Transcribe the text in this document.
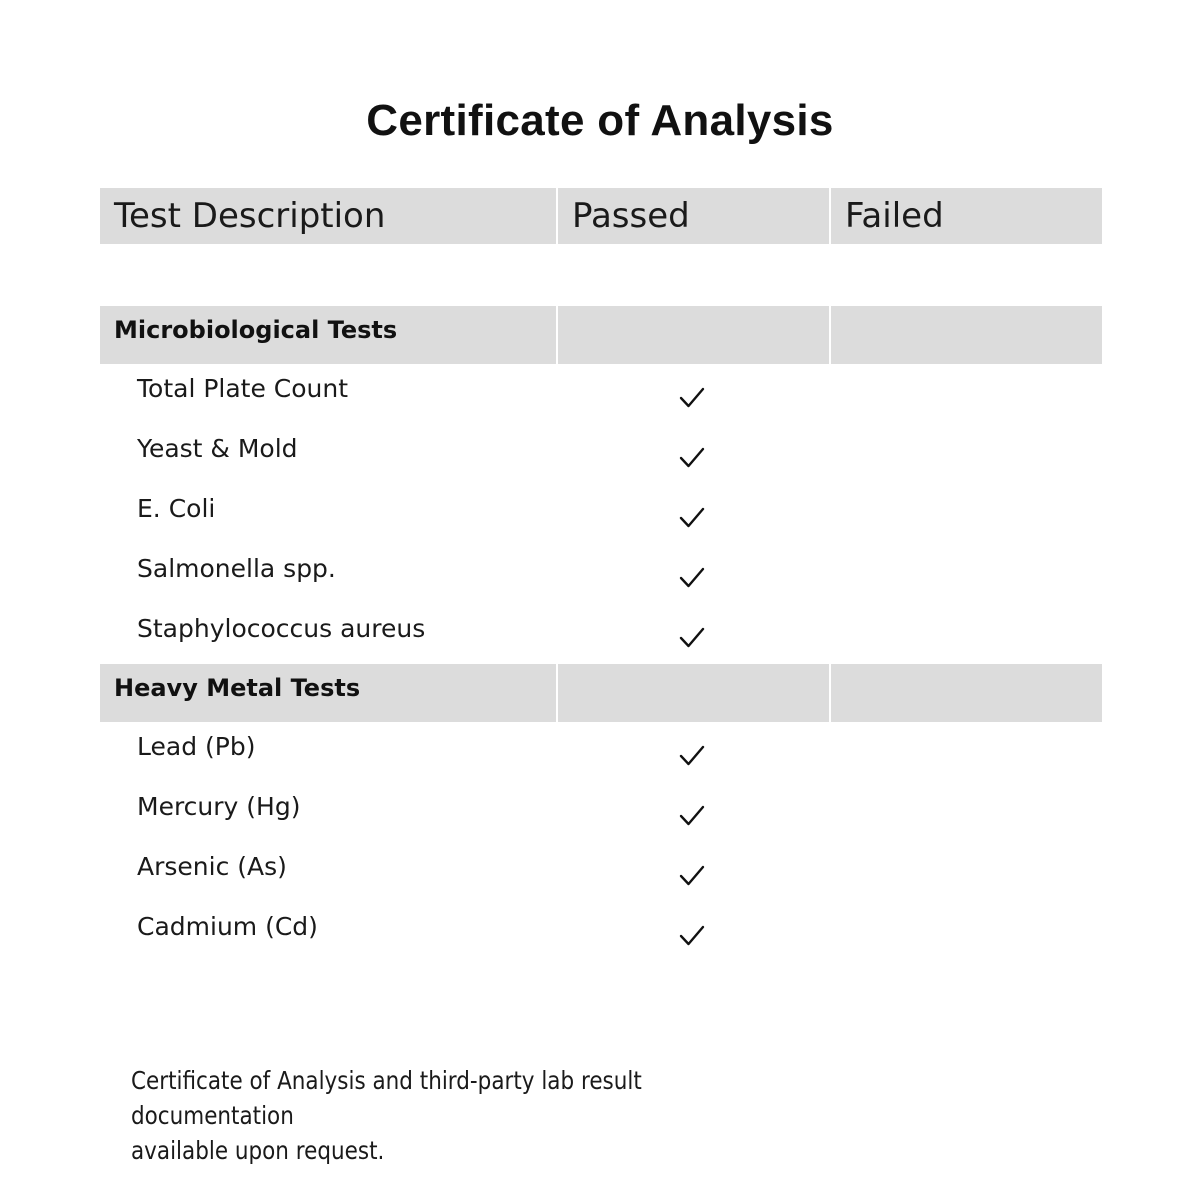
Certificate of Analysis
Test Description	Passed	Failed
Microbiological Tests
Total Plate Count
Yeast & Mold
E. Coli
Salmonella spp.
Staphylococcus aureus
Heavy Metal Tests
Lead (Pb)
Mercury (Hg)
Arsenic (As)
Cadmium (Cd)
Certificate of Analysis and third-party lab result documentation
available upon request.
